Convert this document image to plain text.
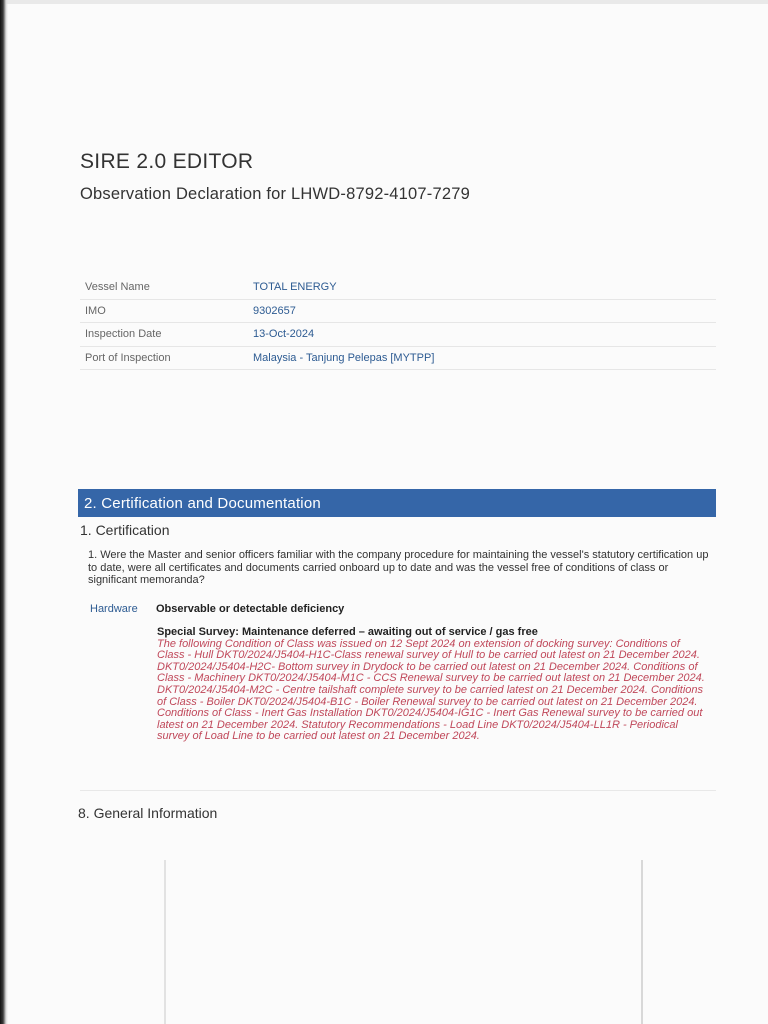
SIRE 2.0 EDITOR
Observation Declaration for LHWD-8792-4107-7279
Vessel Name	TOTAL ENERGY
IMO	9302657
Inspection Date	13-Oct-2024
Port of Inspection	Malaysia - Tanjung Pelepas [MYTPP]
2. Certification and Documentation
1. Certification
1. Were the Master and senior officers familiar with the company procedure for maintaining the vessel's statutory certification up to date, were all certificates and documents carried onboard up to date and was the vessel free of conditions of class or significant memoranda?
Hardware	Observable or detectable deficiency
Special Survey: Maintenance deferred – awaiting out of service / gas free
The following Condition of Class was issued on 12 Sept 2024 on extension of docking survey: Conditions of Class - Hull DKT0/2024/J5404-H1C-Class renewal survey of Hull to be carried out latest on 21 December 2024. DKT0/2024/J5404-H2C- Bottom survey in Drydock to be carried out latest on 21 December 2024. Conditions of Class - Machinery DKT0/2024/J5404-M1C - CCS Renewal survey to be carried out latest on 21 December 2024. DKT0/2024/J5404-M2C - Centre tailshaft complete survey to be carried latest on 21 December 2024. Conditions of Class - Boiler DKT0/2024/J5404-B1C - Boiler Renewal survey to be carried out latest on 21 December 2024. Conditions of Class - Inert Gas Installation DKT0/2024/J5404-IG1C - Inert Gas Renewal survey to be carried out latest on 21 December 2024. Statutory Recommendations - Load Line DKT0/2024/J5404-LL1R - Periodical survey of Load Line to be carried out latest on 21 December 2024.
8. General Information
